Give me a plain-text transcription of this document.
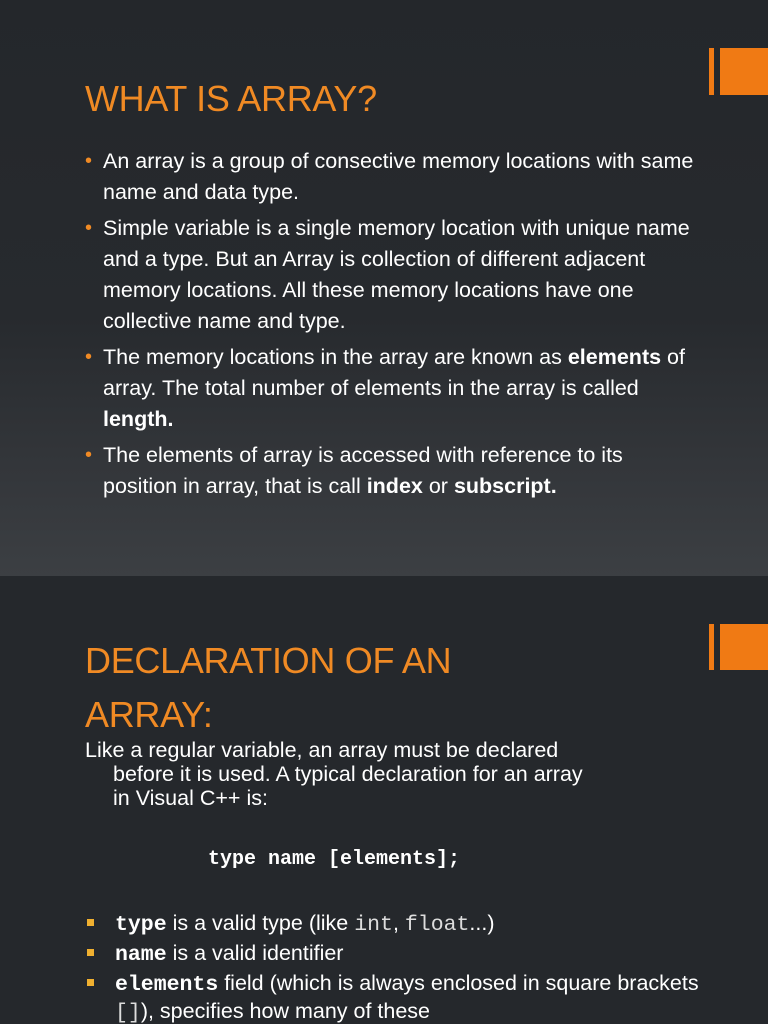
WHAT IS ARRAY?
• An array is a group of consective memory locations with same name and data type.
• Simple variable is a single memory location with unique name and a type. But an Array is collection of different adjacent memory locations. All these memory locations have one collective name and type.
• The memory locations in the array are known as elements of array. The total number of elements in the array is called length.
• The elements of array is accessed with reference to its position in array, that is call index or subscript.
DECLARATION OF AN
ARRAY:
Like a regular variable, an array must be declared
before it is used. A typical declaration for an array
in Visual C++ is:
type name [elements];
type is a valid type (like int, float...)
name is a valid identifier
elements field (which is always enclosed in square brackets []), specifies how many of these
